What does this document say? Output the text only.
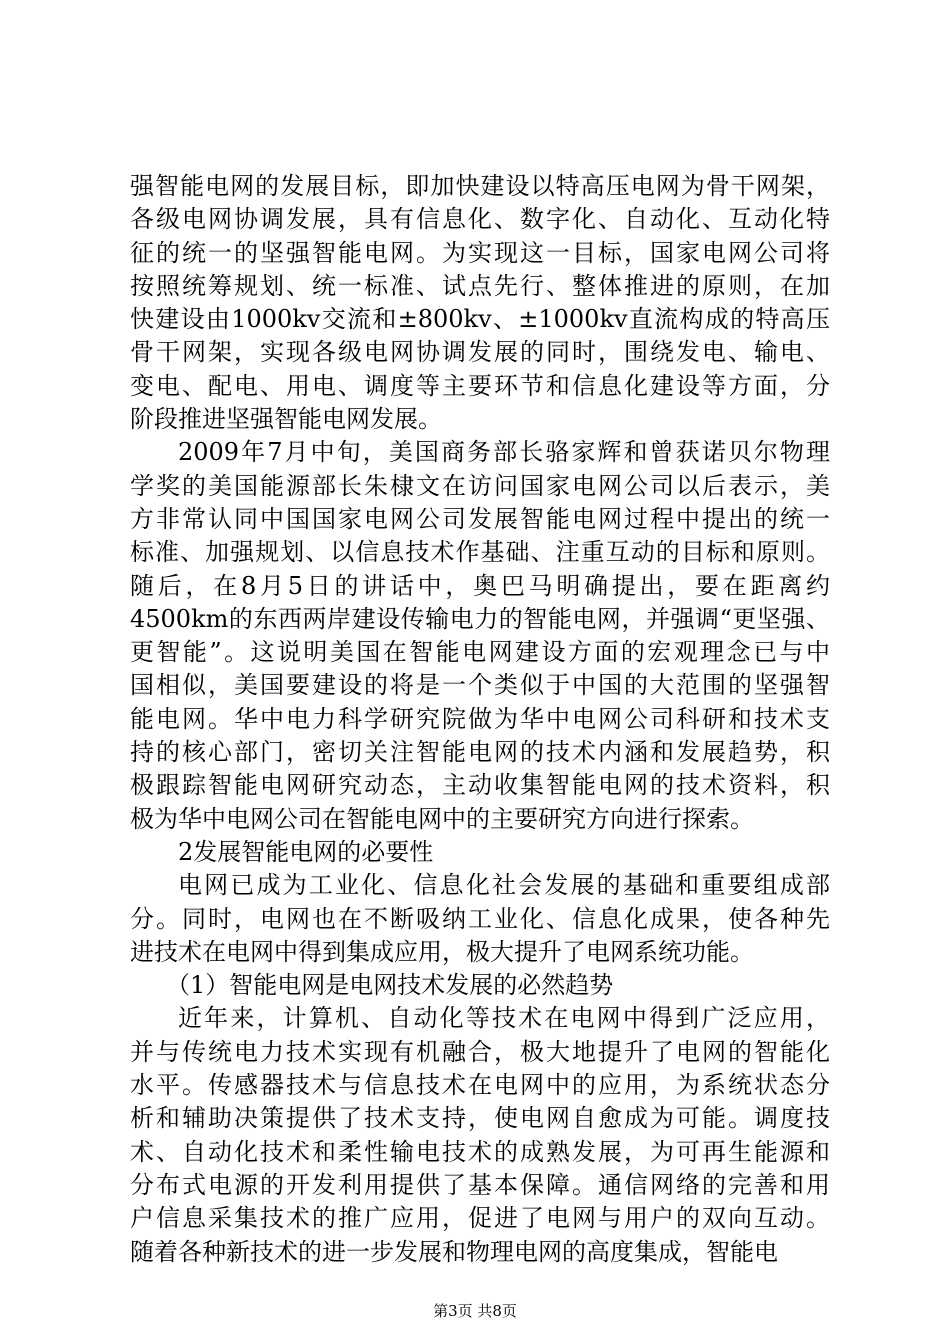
强智能电网的发展目标，即加快建设以特高压电网为骨干网架，
各级电网协调发展，具有信息化、数字化、自动化、互动化特
征的统一的坚强智能电网。为实现这一目标，国家电网公司将
按照统筹规划、统一标准、试点先行、整体推进的原则，在加
快建设由1000kv交流和±800kv、±1000kv直流构成的特高压
骨干网架，实现各级电网协调发展的同时，围绕发电、输电、
变电、配电、用电、调度等主要环节和信息化建设等方面，分
阶段推进坚强智能电网发展。
2009年7月中旬，美国商务部长骆家辉和曾获诺贝尔物理
学奖的美国能源部长朱棣文在访问国家电网公司以后表示，美
方非常认同中国国家电网公司发展智能电网过程中提出的统一
标准、加强规划、以信息技术作基础、注重互动的目标和原则。
随后，在8月5日的讲话中，奥巴马明确提出，要在距离约
4500km的东西两岸建设传输电力的智能电网，并强调“更坚强、
更智能”。这说明美国在智能电网建设方面的宏观理念已与中
国相似，美国要建设的将是一个类似于中国的大范围的坚强智
能电网。华中电力科学研究院做为华中电网公司科研和技术支
持的核心部门，密切关注智能电网的技术内涵和发展趋势，积
极跟踪智能电网研究动态，主动收集智能电网的技术资料，积
极为华中电网公司在智能电网中的主要研究方向进行探索。
2发展智能电网的必要性
电网已成为工业化、信息化社会发展的基础和重要组成部
分。同时，电网也在不断吸纳工业化、信息化成果，使各种先
进技术在电网中得到集成应用，极大提升了电网系统功能。
（1）智能电网是电网技术发展的必然趋势
近年来，计算机、自动化等技术在电网中得到广泛应用，
并与传统电力技术实现有机融合，极大地提升了电网的智能化
水平。传感器技术与信息技术在电网中的应用，为系统状态分
析和辅助决策提供了技术支持，使电网自愈成为可能。调度技
术、自动化技术和柔性输电技术的成熟发展，为可再生能源和
分布式电源的开发利用提供了基本保障。通信网络的完善和用
户信息采集技术的推广应用，促进了电网与用户的双向互动。
随着各种新技术的进一步发展和物理电网的高度集成，智能电
第3页 共8页
